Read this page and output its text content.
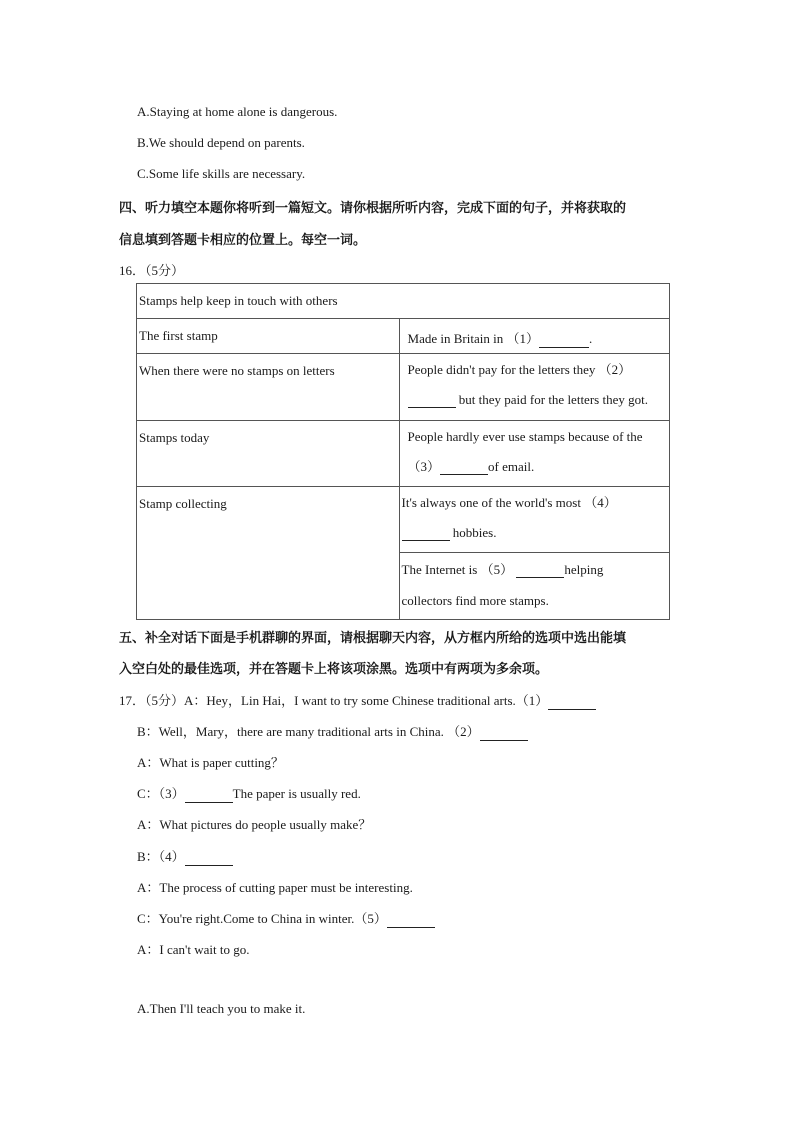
A.Staying at home alone is dangerous.
B.We should depend on parents.
C.Some life skills are necessary.
四、听力填空本题你将听到一篇短文。请你根据所听内容，完成下面的句子，并将获取的
信息填到答题卡相应的位置上。每空一词。
16．（5分）
Stamps help keep in touch with others	
The first stamp	Made in Britain in （1） .
When there were no stamps on letters	People didn't pay for the letters they （2）
but they paid for the letters they got.

Stamps today	People hardly ever use stamps because of the
（3） of email.

Stamp collecting	It's always one of the world's most （4）
hobbies.

	The Internet is （5） helping
collectors find more stamps.
五、补全对话下面是手机群聊的界面，请根据聊天内容，从方框内所给的选项中选出能填
入空白处的最佳选项，并在答题卡上将该项涂黑。选项中有两项为多余项。
17．（5分）A：Hey，Lin Hai，I want to try some Chinese traditional arts.（1）
B：Well，Mary，there are many traditional arts in China. （2）
A：What is paper cutting？
C：（3）	The paper is usually red.
A：What pictures do people usually make？
B：（4）
A：The process of cutting paper must be interesting.
C：You're right.Come to China in winter.（5）
A：I can't wait to go.
A.Then I'll teach you to make it.
